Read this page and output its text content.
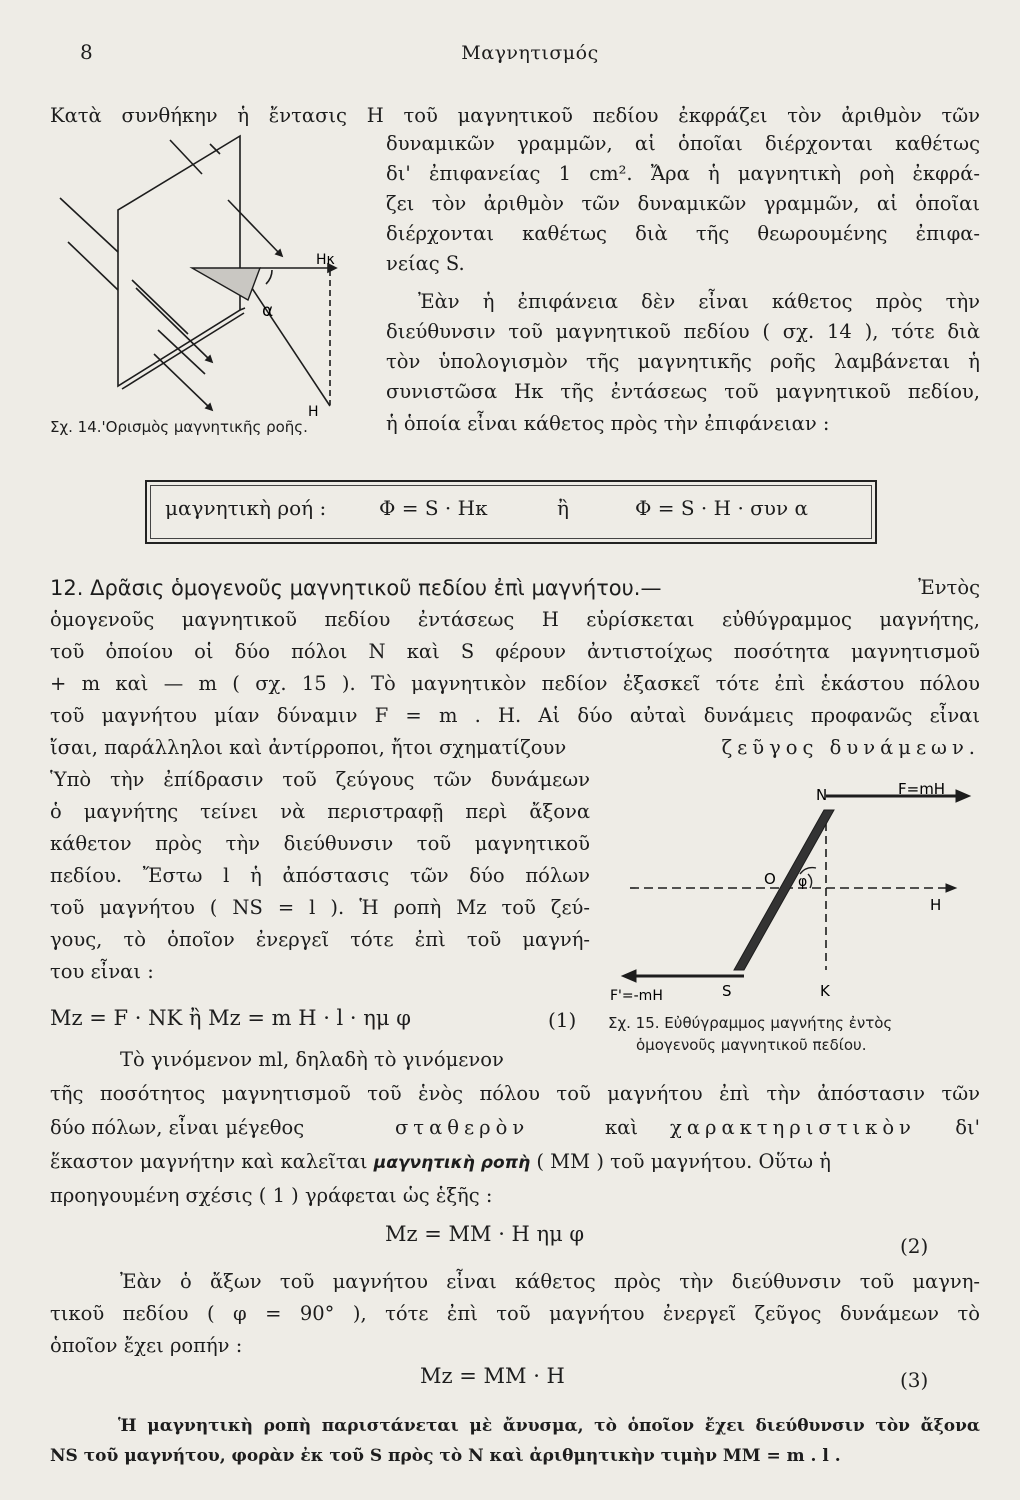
8	Μαγνητισμός
Κατὰ συνθήκην ἡ ἔντασις Η τοῦ μαγνητικοῦ πεδίου ἐκφράζει τὸν ἀριθμὸν τῶν
Hκ
α
H
δυναμικῶν γραμμῶν, αἱ ὁποῖαι διέρχονται καθέτως
δι' ἐπιφανείας 1 cm². Ἄρα ἡ μαγνητικὴ ροὴ ἐκφρά-
ζει τὸν ἀριθμὸν τῶν δυναμικῶν γραμμῶν, αἱ ὁποῖαι
διέρχονται καθέτως διὰ τῆς θεωρουμένης ἐπιφα-
νείας S.
Ἐὰν ἡ ἐπιφάνεια δὲν εἶναι κάθετος πρὸς τὴν
διεύθυνσιν τοῦ μαγνητικοῦ πεδίου ( σχ. 14 ), τότε διὰ
τὸν ὑπολογισμὸν τῆς μαγνητικῆς ροῆς λαμβάνεται ἡ
συνιστῶσα Ηκ τῆς ἐντάσεως τοῦ μαγνητικοῦ πεδίου,
ἡ ὁποία εἶναι κάθετος πρὸς τὴν ἐπιφάνειαν :
Σχ. 14.'Ορισμὸς μαγνητικῆς ροῆς.
μαγνητικὴ ροή :	Φ = S · Hκ	ἢ	Φ = S · H · συν α
12. Δρᾶσις ὁμογενοῦς μαγνητικοῦ πεδίου ἐπὶ μαγνήτου.—	Ἐντὸς
ὁμογενοῦς μαγνητικοῦ πεδίου ἐντάσεως Η εὑρίσκεται εὐθύγραμμος μαγνήτης,
τοῦ ὁποίου οἱ δύο πόλοι Ν καὶ S φέρουν ἀντιστοίχως ποσότητα μαγνητισμοῦ
+ m καὶ — m ( σχ. 15 ). Τὸ μαγνητικὸν πεδίον ἐξασκεῖ τότε ἐπὶ ἑκάστου πόλου
τοῦ μαγνήτου μίαν δύναμιν F = m . H. Αἱ δύο αὐταὶ δυνάμεις προφανῶς εἶναι
ἴσαι, παράλληλοι καὶ ἀντίρροποι, ἤτοι σχηματίζουν	ζεῦγος δυνάμεων.
Ὑπὸ τὴν ἐπίδρασιν τοῦ ζεύγους τῶν δυνάμεων
ὁ μαγνήτης τείνει νὰ περιστραφῇ περὶ ἄξονα
κάθετον πρὸς τὴν διεύθυνσιν τοῦ μαγνητικοῦ
πεδίου. Ἔστω l ἡ ἀπόστασις τῶν δύο πόλων
τοῦ μαγνήτου ( NS = l ). Ἡ ροπὴ Mz τοῦ ζεύ-
γους, τὸ ὁποῖον ἐνεργεῖ τότε ἐπὶ τοῦ μαγνή-
του εἶναι :
N	F=mH
O φ
H
F'=-mH	S	K
Σχ. 15. Εὐθύγραμμος μαγνήτης ἐντὸς
ὁμογενοῦς μαγνητικοῦ πεδίου.
Mz = F · NK ἢ Mz = m H · l · ημ φ	(1)
Τὸ γινόμενον ml, δηλαδὴ τὸ γινόμενον
τῆς ποσότητος μαγνητισμοῦ τοῦ ἑνὸς πόλου τοῦ μαγνήτου ἐπὶ τὴν ἀπόστασιν τῶν
δύο πόλων, εἶναι μέγεθος	σταθερὸν	καὶ χαρακτηριστικὸν δι'
ἕκαστον μαγνήτην καὶ καλεῖται μαγνητικὴ ροπὴ ( MΜ ) τοῦ μαγνήτου. Οὕτω ἡ
προηγουμένη σχέσις ( 1 ) γράφεται ὡς ἑξῆς :
Mz = MΜ · H ημ φ	(2)
Ἐὰν ὁ ἄξων τοῦ μαγνήτου εἶναι κάθετος πρὸς τὴν διεύθυνσιν τοῦ μαγνη-
τικοῦ πεδίου ( φ = 90° ), τότε ἐπὶ τοῦ μαγνήτου ἐνεργεῖ ζεῦγος δυνάμεων τὸ
ὁποῖον ἔχει ροπήν :
Mz = MΜ · H	(3)
Ἡ μαγνητικὴ ροπὴ παριστάνεται μὲ ἄνυσμα, τὸ ὁποῖον ἔχει διεύθυνσιν τὸν ἄξονα
NS τοῦ μαγνήτου, φορὰν ἐκ τοῦ S πρὸς τὸ N καὶ ἀριθμητικὴν τιμὴν MΜ = m . l .
